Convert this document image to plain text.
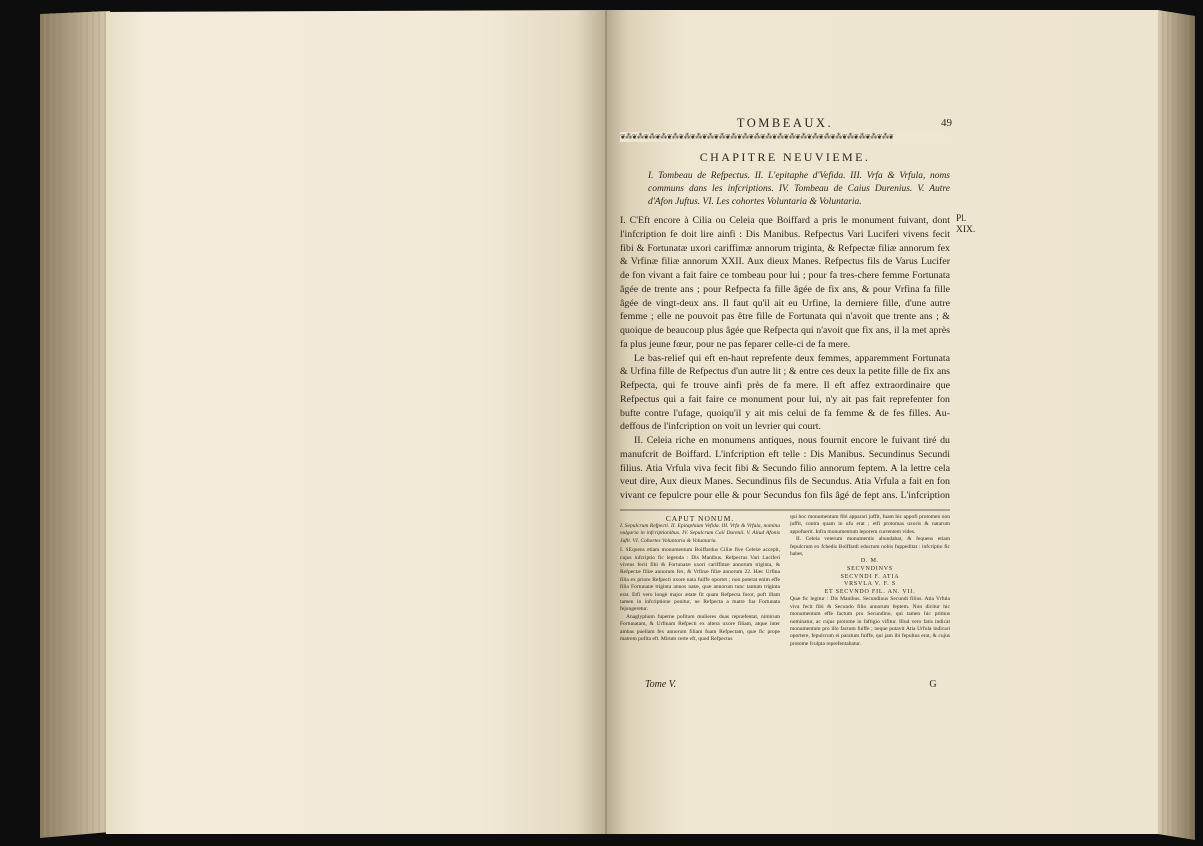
TOMBEAUX.	49
❦⁂❦⁂❦⁂❦⁂❦⁂❦⁂❦⁂❦⁂❦⁂❦⁂❦⁂❦⁂❦⁂❦⁂❦⁂❦⁂❦⁂❦⁂❦⁂❦⁂❦⁂❦⁂❦⁂❦
CHAPITRE NEUVIEME.
I. Tombeau de Refpectus. II. L'epitaphe d'Vefida. III. Vrfa & Vrfula, noms communs dans les infcriptions. IV. Tombeau de Caius Durenius. V. Autre d'Afon Juftus. VI. Les cohortes Voluntaria & Voluntaria.
Pl.
XIX.

I. C'Eft encore à Cilia ou Celeia que Boiffard a pris le monument fuivant, dont l'infcription fe doit lire ainfi : Dis Manibus. Refpectus Vari Luciferi vivens fecit fibi & Fortunatæ uxori cariffimæ annorum triginta, & Refpectæ filiæ annorum fex & Vrfinæ filiæ annorum XXII. Aux dieux Manes. Refpectus fils de Varus Lucifer de fon vivant a fait faire ce tombeau pour lui ; pour fa tres-chere femme Fortunata âgée de trente ans ; pour Refpecta fa fille âgée de fix ans, & pour Vrfina fa fille âgée de vingt-deux ans. Il faut qu'il ait eu Urfine, la derniere fille, d'une autre femme ; elle ne pouvoit pas être fille de Fortunata qui n'avoit que trente ans ; & quoique de beaucoup plus âgée que Refpecta qui n'avoit que fix ans, il la met après fa plus jeune fœur, pour ne pas feparer celle-ci de fa mere.

Le bas-relief qui eft en-haut reprefente deux femmes, apparemment Fortunata & Urfina fille de Refpectus d'un autre lit ; & entre ces deux la petite fille de fix ans Refpecta, qui fe trouve ainfi près de fa mere. Il eft affez extraordinaire que Refpectus qui a fait faire ce monument pour lui, n'y ait pas fait reprefenter fon bufte contre l'ufage, quoiqu'il y ait mis celui de fa femme & de fes filles. Au-deffous de l'infcription on voit un levrier qui court.

II. Celeia riche en monumens antiques, nous fournit encore le fuivant tiré du manufcrit de Boiffard. L'infcription eft telle : Dis Manibus. Secundinus Secundi filius. Atia Vrfula viva fecit fibi & Secundo filio annorum feptem. A la lettre cela veut dire, Aux dieux Manes. Secundinus fils de Secundus. Atia Vrfula a fait en fon vivant ce fepulcre pour elle & pour Secundus fon fils âgé de fept ans. L'infcription

CAPUT NONUM.
I. Sepulcrum Refpecti. II. Epitaphium Vefida. III. Vrfa & Vrfula, nomina vulgaria in infcriptionibus. IV. Sepulcrum Caii Durenii. V. Aliud Afonis Jufti. VI. Cohortes Voluntaria & Voluntaria.

I. SEquens etiam monumentum Boiffardus Ciliæ five Celeiæ accepit, cujus infcriptio fic legenda : Dis Manibus. Refpectus Vari Luciferi vivens fecit fibi & Fortunatæ uxori cariffimæ annorum triginta, & Refpectæ filiæ annorum fex, & Vrfinæ filiæ annorum 22. Hæc Urfina filia ex priore Refpecti uxore nata fuiffe oportet ; non poterat enim effe filia Fortunatæ triginta annos natæ, quæ annorum tunc tantum triginta erat. Etfi vero longè major ætate fit quam Refpecta foror, poft illam tamen in infcriptione ponitur, ne Refpecta a matre fua Fortunata fejungeretur.

Anaglyphum fuperne pofitum mulieres duas repræfentat, nimirum Fortunatam, & Urfinam Refpecti ex altera uxore filiam, atque inter ambas puellam fex annorum filiam fuam Refpectam, quæ fic prope matrem pofita eft. Mirum certe eft, quod Refpectus

qui hoc monumentum fibi apparari juffit, fuam hic appofi protomen non juffit, contra quam in ufu erat ; etfi protomas uxoris & natarum appofuerit. Infra monumentum leporem currentem vides.

II. Celeia veterum monumentis abundabat, & fequens etiam fepulcrum ex fchedis Boiffardi eductum nobis fuppeditat : infcriptio fic habet,

D. M.
SECVNDINVS
SECVNDI F. ATIA
VRSVLA V. F. S
ET SECVNDO FIL. AN. VII.

Quæ fic legitur : Dis Manibus. Secundinus Secundi filius. Atia Vrfula viva fecit fibi & Secundo filio annorum feptem. Non dicitur hic monumentum effe factum pro Secundino, qui tamen hic primus nominatur, ac cujus protome in faftigio vifitur. Illud vero fatis indicat monumentum pro illo factum fuiffe ; neque putavit Atia Urfula indicari oportere, fepulcrum ei paratum fuiffe, qui jam ibi fepultus erat, & cujus protome fculpta reprefentabatur.

Tome V.	G
